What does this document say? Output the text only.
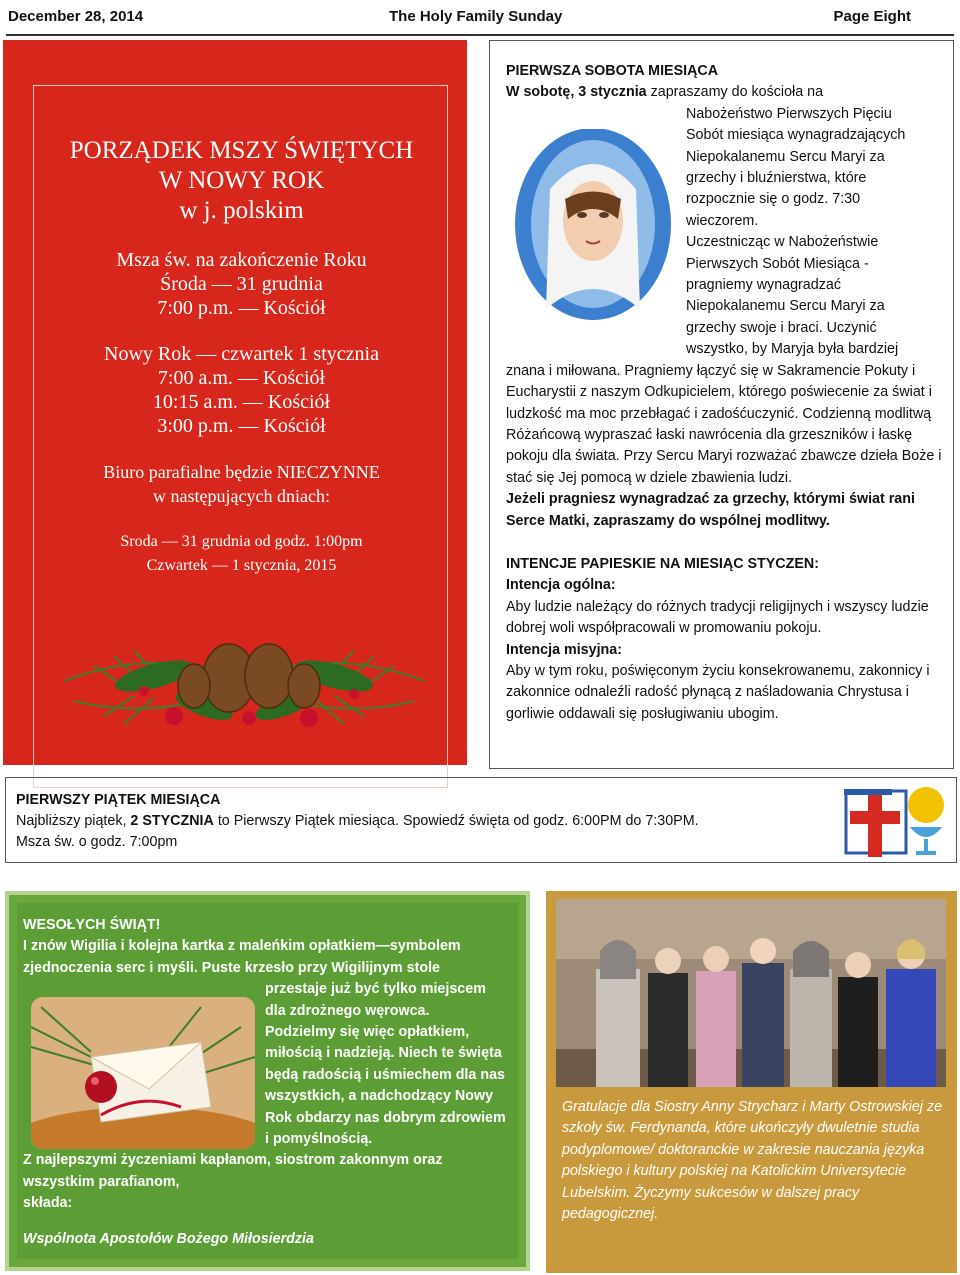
December 28, 2014	The Holy Family Sunday	Page Eight
PORZĄDEK MSZY ŚWIĘTYCH
W NOWY ROK
w j. polskim
Msza św. na zakończenie Roku
Środa — 31 grudnia
7:00 p.m. — Kościół
Nowy Rok — czwartek 1 stycznia
7:00 a.m. — Kościół
10:15 a.m. — Kościół
3:00 p.m. — Kościół
Biuro parafialne będzie NIECZYNNE
w następujących dniach:
Sroda — 31 grudnia od godz. 1:00pm
Czwartek — 1 stycznia, 2015
PIERWSZA SOBOTA MIESIĄCA
W sobotę, 3 stycznia zapraszamy do kościoła na
Nabożeństwo Pierwszych Pięciu
Sobót miesiąca wynagradzających
Niepokalanemu Sercu Maryi za
grzechy i bluźnierstwa, które
rozpocznie się o godz. 7:30
wieczorem.
Uczestnicząc w Nabożeństwie
Pierwszych Sobót Miesiąca -
pragniemy wynagradzać
Niepokalanemu Sercu Maryi za
grzechy swoje i braci. Uczynić
wszystko, by Maryja była bardziej
znana i miłowana. Pragniemy łączyć się w Sakramencie Pokuty i Eucharystii z naszym Odkupicielem, którego poświecenie za świat i ludzkość ma moc przebłagać i zadośćuczynić. Codzienną modlitwą Różańcową wypraszać łaski nawrócenia dla grzeszników i łaskę pokoju dla świata. Przy Sercu Maryi rozważać zbawcze dzieła Boże i stać się Jej pomocą w dziele zbawienia ludzi.
Jeżeli pragniesz wynagradzać za grzechy, którymi świat rani Serce Matki, zapraszamy do wspólnej modlitwy.
INTENCJE PAPIESKIE NA MIESIĄC STYCZEN:
Intencja ogólna:
Aby ludzie należący do różnych tradycji religijnych i wszyscy ludzie dobrej woli współpracowali w promowaniu pokoju.
Intencja misyjna:
Aby w tym roku, poświęconym życiu konsekrowanemu, zakonnicy i zakonnice odnaleźli radość płynącą z naśladowania Chrystusa i gorliwie oddawali się posługiwaniu ubogim.
PIERWSZY PIĄTEK MIESIĄCA
Najbliższy piątek, 2 STYCZNIA to Pierwszy Piątek miesiąca. Spowiedź święta od godz. 6:00PM do 7:30PM.
Msza św. o godz. 7:00pm
WESOŁYCH ŚWIĄT!
I znów Wigilia i kolejna kartka z maleńkim opłatkiem—symbolem
zjednoczenia serc i myśli. Puste krzesło przy Wigilijnym stole
przestaje już być tylko miejscem
dla zdrożnego węrowca.
Podzielmy się więc opłatkiem,
miłością i nadzieją. Niech te święta
będą radością i uśmiechem dla nas
wszystkich, a nadchodzący Nowy
Rok obdarzy nas dobrym zdrowiem
i pomyślnością.
Z najlepszymi życzeniami kapłanom, siostrom zakonnym oraz
wszystkim parafianom,
składa:
Wspólnota Apostołów Bożego Miłosierdzia
Gratulacje dla Siostry Anny Strycharz i Marty Ostrowskiej ze szkoły św. Ferdynanda, które ukończyły dwuletnie studia podyplomowe/ doktoranckie w zakresie nauczania języka polskiego i kultury polskiej na Katolickim Universytecie Lubelskim. Życzymy sukcesów w dalszej pracy pedagogicznej.
